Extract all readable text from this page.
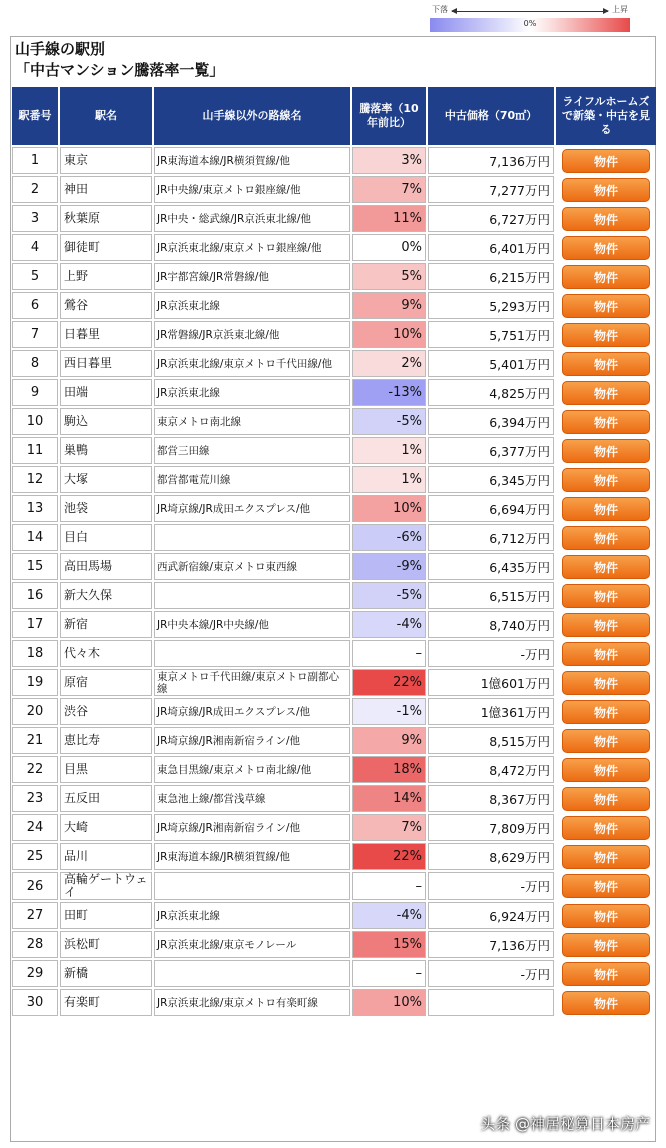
下落	上昇
0%
山手線の駅別
「中古マンション騰落率一覧」
駅番号	駅名	山手線以外の路線名	騰落率（10年前比）	中古価格（70㎡）	ライフルホームズで新築・中古を見る
1	東京	JR東海道本線/JR横須賀線/他	3%	7,136万円	物件
2	神田	JR中央線/東京メトロ銀座線/他	7%	7,277万円	物件
3	秋葉原	JR中央・総武線/JR京浜東北線/他	11%	6,727万円	物件
4	御徒町	JR京浜東北線/東京メトロ銀座線/他	0%	6,401万円	物件
5	上野	JR宇都宮線/JR常磐線/他	5%	6,215万円	物件
6	鶯谷	JR京浜東北線	9%	5,293万円	物件
7	日暮里	JR常磐線/JR京浜東北線/他	10%	5,751万円	物件
8	西日暮里	JR京浜東北線/東京メトロ千代田線/他	2%	5,401万円	物件
9	田端	JR京浜東北線	-13%	4,825万円	物件
10	駒込	東京メトロ南北線	-5%	6,394万円	物件
11	巣鴨	都営三田線	1%	6,377万円	物件
12	大塚	都営都電荒川線	1%	6,345万円	物件
13	池袋	JR埼京線/JR成田エクスプレス/他	10%	6,694万円	物件
14	目白		-6%	6,712万円	物件
15	高田馬場	西武新宿線/東京メトロ東西線	-9%	6,435万円	物件
16	新大久保		-5%	6,515万円	物件
17	新宿	JR中央本線/JR中央線/他	-4%	8,740万円	物件
18	代々木		–	-万円	物件
19	原宿	東京メトロ千代田線/東京メトロ副都心線	22%	1億601万円	物件
20	渋谷	JR埼京線/JR成田エクスプレス/他	-1%	1億361万円	物件
21	恵比寿	JR埼京線/JR湘南新宿ライン/他	9%	8,515万円	物件
22	目黒	東急目黒線/東京メトロ南北線/他	18%	8,472万円	物件
23	五反田	東急池上線/都営浅草線	14%	8,367万円	物件
24	大崎	JR埼京線/JR湘南新宿ライン/他	7%	7,809万円	物件
25	品川	JR東海道本線/JR横須賀線/他	22%	8,629万円	物件
26	高輪ゲートウェイ		–	-万円	物件
27	田町	JR京浜東北線	-4%	6,924万円	物件
28	浜松町	JR京浜東北線/東京モノレール	15%	7,136万円	物件
29	新橋		–	-万円	物件
30	有楽町	JR京浜東北線/東京メトロ有楽町線	10%		物件
头条 @神居秘算日本房产
